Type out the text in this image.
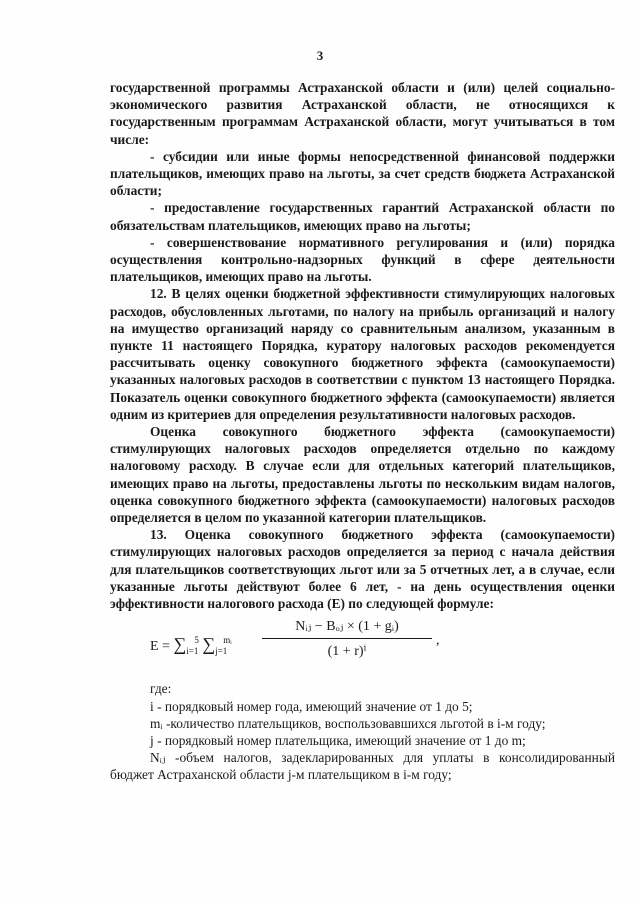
3

государственной программы Астраханской области и (или) целей социально-экономического развития Астраханской области, не относящихся к государственным программам Астраханской области, могут учитываться в том числе:

- субсидии или иные формы непосредственной финансовой поддержки плательщиков, имеющих право на льготы, за счет средств бюджета Астраханской области;

- предоставление государственных гарантий Астраханской области по обязательствам плательщиков, имеющих право на льготы;

- совершенствование нормативного регулирования и (или) порядка осуществления контрольно-надзорных функций в сфере деятельности плательщиков, имеющих право на льготы.

12. В целях оценки бюджетной эффективности стимулирующих налоговых расходов, обусловленных льготами, по налогу на прибыль организаций и налогу на имущество организаций наряду со сравнительным анализом, указанным в пункте 11 настоящего Порядка, куратору налоговых расходов рекомендуется рассчитывать оценку совокупного бюджетного эффекта (самоокупаемости) указанных налоговых расходов в соответствии с пунктом 13 настоящего Порядка. Показатель оценки совокупного бюджетного эффекта (самоокупаемости) является одним из критериев для определения результативности налоговых расходов.

Оценка совокупного бюджетного эффекта (самоокупаемости) стимулирующих налоговых расходов определяется отдельно по каждому налоговому расходу. В случае если для отдельных категорий плательщиков, имеющих право на льготы, предоставлены льготы по нескольким видам налогов, оценка совокупного бюджетного эффекта (самоокупаемости) налоговых расходов определяется в целом по указанной категории плательщиков.

13. Оценка совокупного бюджетного эффекта (самоокупаемости) стимулирующих налоговых расходов определяется за период с начала действия для плательщиков соответствующих льгот или за 5 отчетных лет, а в случае, если указанные льготы действуют более 6 лет, - на день осуществления оценки эффективности налогового расхода (E) по следующей формуле:

$E = \sum_{i=1}^5$ $\sum_{j=1}^{mᵢ}$
Nᵢⱼ − Bₒⱼ × (1 + gᵢ)
(1 + r)ⁱ
,

где:

i - порядковый номер года, имеющий значение от 1 до 5;

mᵢ -количество плательщиков, воспользовавшихся льготой в i-м году;

j - порядковый номер плательщика, имеющий значение от 1 до m;

Nᵢⱼ -объем налогов, задекларированных для уплаты в консолидированный бюджет Астраханской области j-м плательщиком в i-м году;
